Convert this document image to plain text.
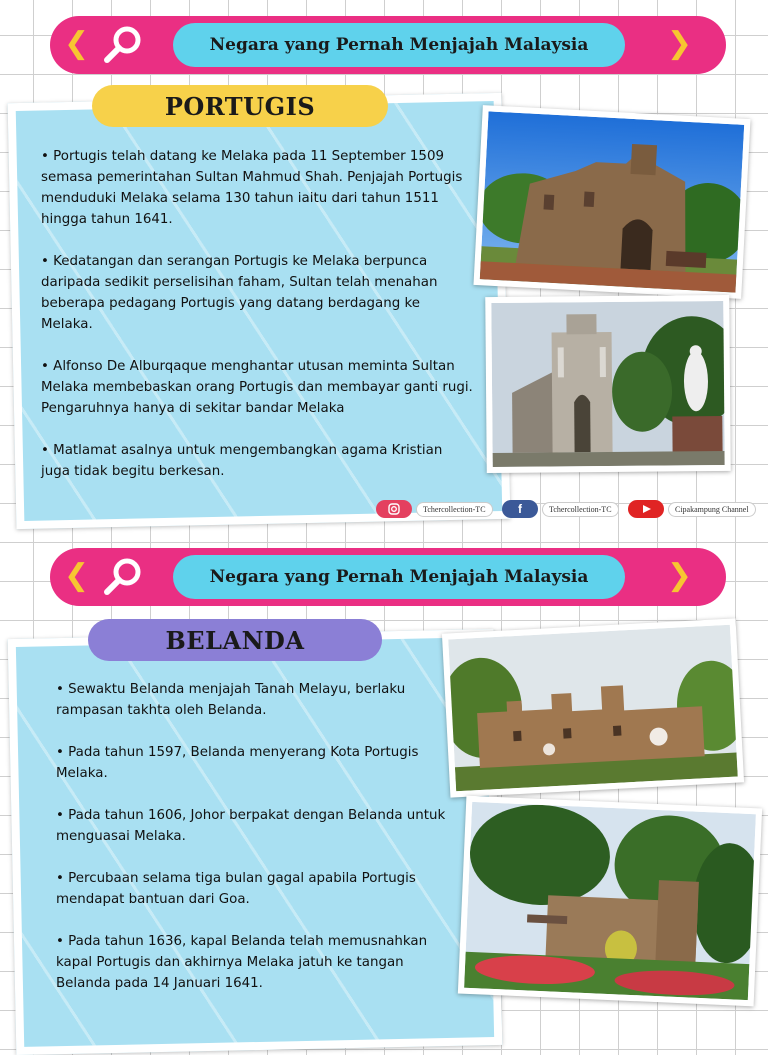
❮	Negara yang Pernah Menjajah Malaysia	❯
PORTUGIS

• Portugis telah datang ke Melaka pada 11 September 1509 semasa pemerintahan Sultan Mahmud Shah. Penjajah Portugis menduduki Melaka selama 130 tahun iaitu dari tahun 1511 hingga tahun 1641.

• Kedatangan dan serangan Portugis ke Melaka berpunca daripada sedikit perselisihan faham, Sultan telah menahan beberapa pedagang Portugis yang datang berdagang ke Melaka.

• Alfonso De Alburqaque menghantar utusan meminta Sultan Melaka membebaskan orang Portugis dan membayar ganti rugi. Pengaruhnya hanya di sekitar bandar Melaka

• Matlamat asalnya untuk mengembangkan agama Kristian juga tidak begitu berkesan.

Tchercollection-TC	f	Tchercollection-TC	Cipakampung Channel
❮	Negara yang Pernah Menjajah Malaysia	❯
BELANDA

• Sewaktu Belanda menjajah Tanah Melayu, berlaku rampasan takhta oleh Belanda.

• Pada tahun 1597, Belanda menyerang Kota Portugis Melaka.

• Pada tahun 1606, Johor berpakat dengan Belanda untuk menguasai Melaka.

• Percubaan selama tiga bulan gagal apabila Portugis mendapat bantuan dari Goa.

• Pada tahun 1636, kapal Belanda telah memusnahkan kapal Portugis dan akhirnya Melaka jatuh ke tangan Belanda pada 14 Januari 1641.
